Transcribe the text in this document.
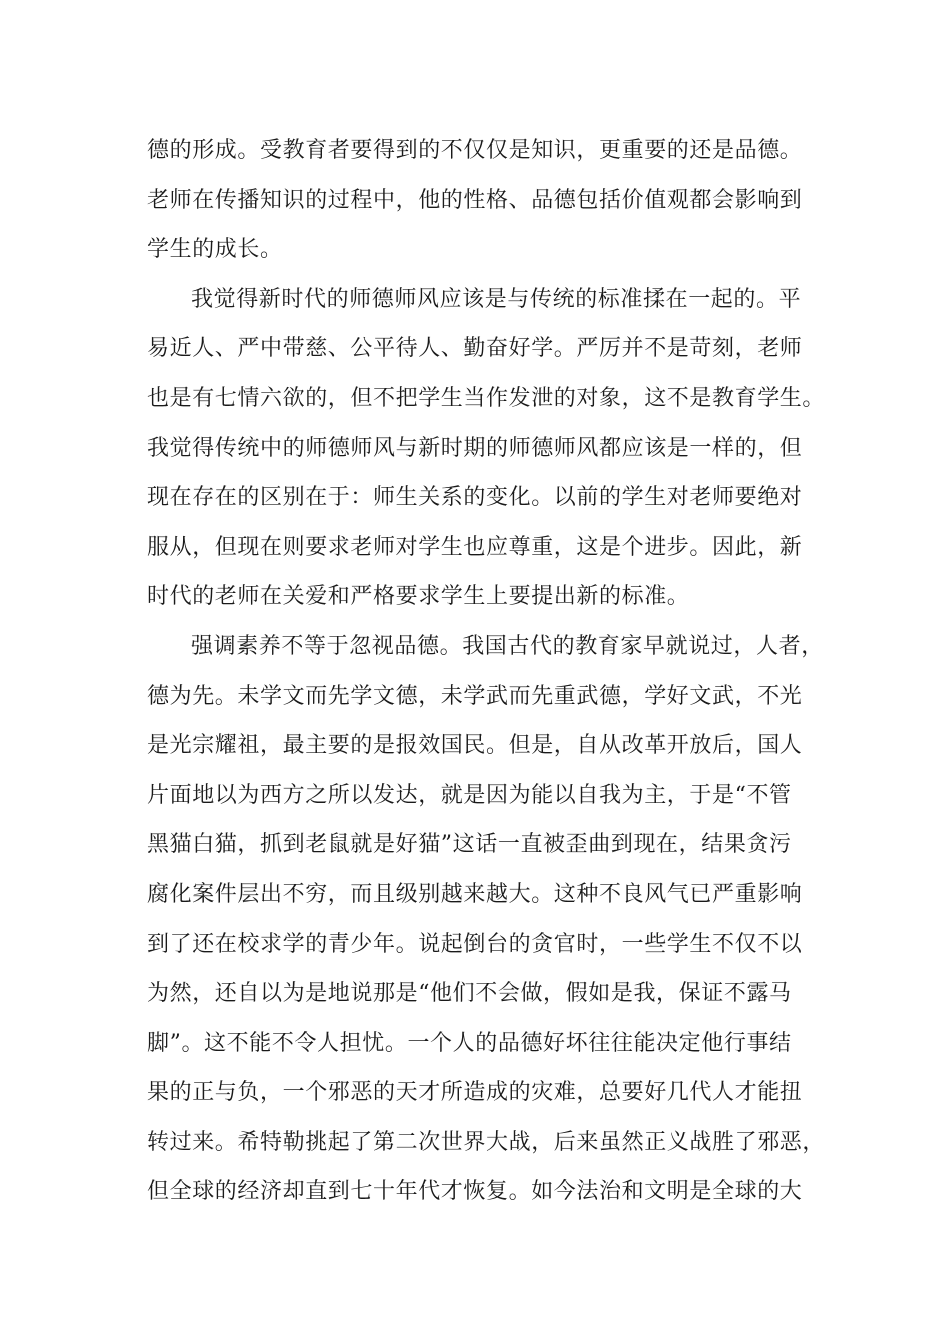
德的形成。受教育者要得到的不仅仅是知识，更重要的还是品德。
老师在传播知识的过程中，他的性格、品德包括价值观都会影响到
学生的成长。
我觉得新时代的师德师风应该是与传统的标准揉在一起的。平
易近人、严中带慈、公平待人、勤奋好学。严厉并不是苛刻，老师
也是有七情六欲的，但不把学生当作发泄的对象，这不是教育学生。
我觉得传统中的师德师风与新时期的师德师风都应该是一样的，但
现在存在的区别在于：师生关系的变化。以前的学生对老师要绝对
服从，但现在则要求老师对学生也应尊重，这是个进步。因此，新
时代的老师在关爱和严格要求学生上要提出新的标准。
强调素养不等于忽视品德。我国古代的教育家早就说过，人者，
德为先。未学文而先学文德，未学武而先重武德，学好文武，不光
是光宗耀祖，最主要的是报效国民。但是，自从改革开放后，国人
片面地以为西方之所以发达，就是因为能以自我为主，于是“不管
黑猫白猫，抓到老鼠就是好猫”这话一直被歪曲到现在，结果贪污
腐化案件层出不穷，而且级别越来越大。这种不良风气已严重影响
到了还在校求学的青少年。说起倒台的贪官时，一些学生不仅不以
为然，还自以为是地说那是“他们不会做，假如是我，保证不露马
脚”。这不能不令人担忧。一个人的品德好坏往往能决定他行事结
果的正与负，一个邪恶的天才所造成的灾难，总要好几代人才能扭
转过来。希特勒挑起了第二次世界大战，后来虽然正义战胜了邪恶，
但全球的经济却直到七十年代才恢复。如今法治和文明是全球的大
